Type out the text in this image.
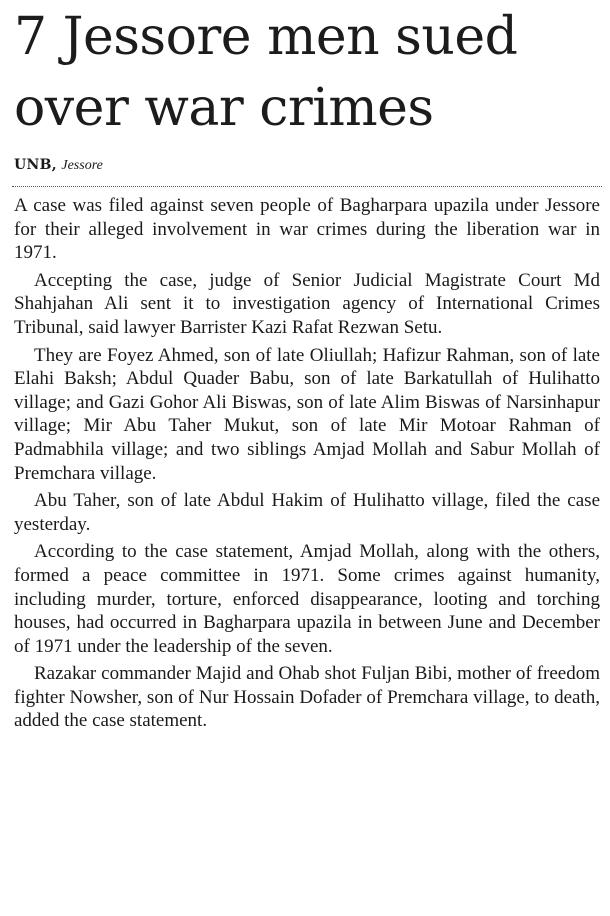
7 Jessore men sued
over war crimes
UNB, Jessore

A case was filed against seven people of Bagharpara upazila under Jessore for their alleged involvement in war crimes during the liberation war in 1971.

Accepting the case, judge of Senior Judicial Magistrate Court Md Shahjahan Ali sent it to investigation agency of International Crimes Tribunal, said lawyer Barrister Kazi Rafat Rezwan Setu.

They are Foyez Ahmed, son of late Oliullah; Hafizur Rahman, son of late Elahi Baksh; Abdul Quader Babu, son of late Barkatullah of Hulihatto village; and Gazi Gohor Ali Biswas, son of late Alim Biswas of Narsinhapur village; Mir Abu Taher Mukut, son of late Mir Motoar Rahman of Padmabhila village; and two siblings Amjad Mollah and Sabur Mollah of Premchara village.

Abu Taher, son of late Abdul Hakim of Hulihatto village, filed the case yesterday.

According to the case statement, Amjad Mollah, along with the others, formed a peace committee in 1971. Some crimes against humanity, including murder, torture, enforced disappearance, looting and torching houses, had occurred in Bagharpara upazila in between June and December of 1971 under the leadership of the seven.

Razakar commander Majid and Ohab shot Fuljan Bibi, mother of freedom fighter Nowsher, son of Nur Hossain Dofader of Premchara village, to death, added the case statement.
